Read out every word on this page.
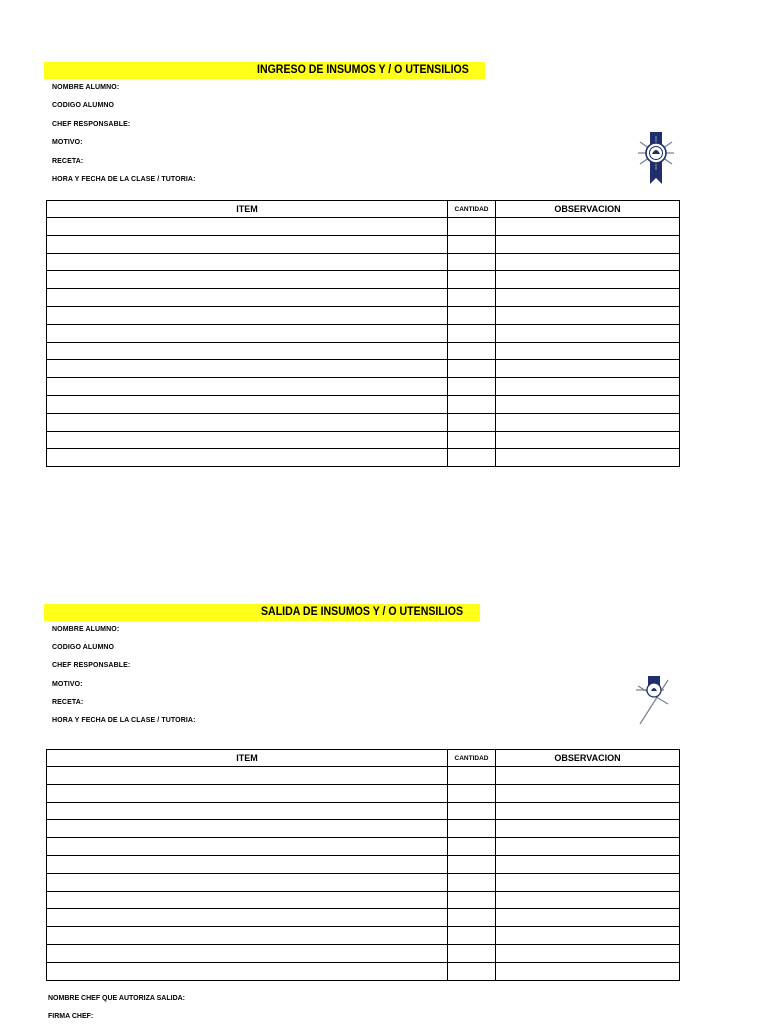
INGRESO DE INSUMOS Y / O UTENSILIOS
NOMBRE ALUMNO:
CODIGO ALUMNO
CHEF RESPONSABLE:
MOTIVO:
RECETA:
HORA Y FECHA DE LA CLASE / TUTORIA:
ITEM	CANTIDAD	OBSERVACION

SALIDA DE INSUMOS Y / O UTENSILIOS
NOMBRE ALUMNO:
CODIGO ALUMNO
CHEF RESPONSABLE:
MOTIVO:
RECETA:
HORA Y FECHA DE LA CLASE / TUTORIA:
ITEM	CANTIDAD	OBSERVACION

NOMBRE CHEF QUE AUTORIZA SALIDA:
FIRMA CHEF:
